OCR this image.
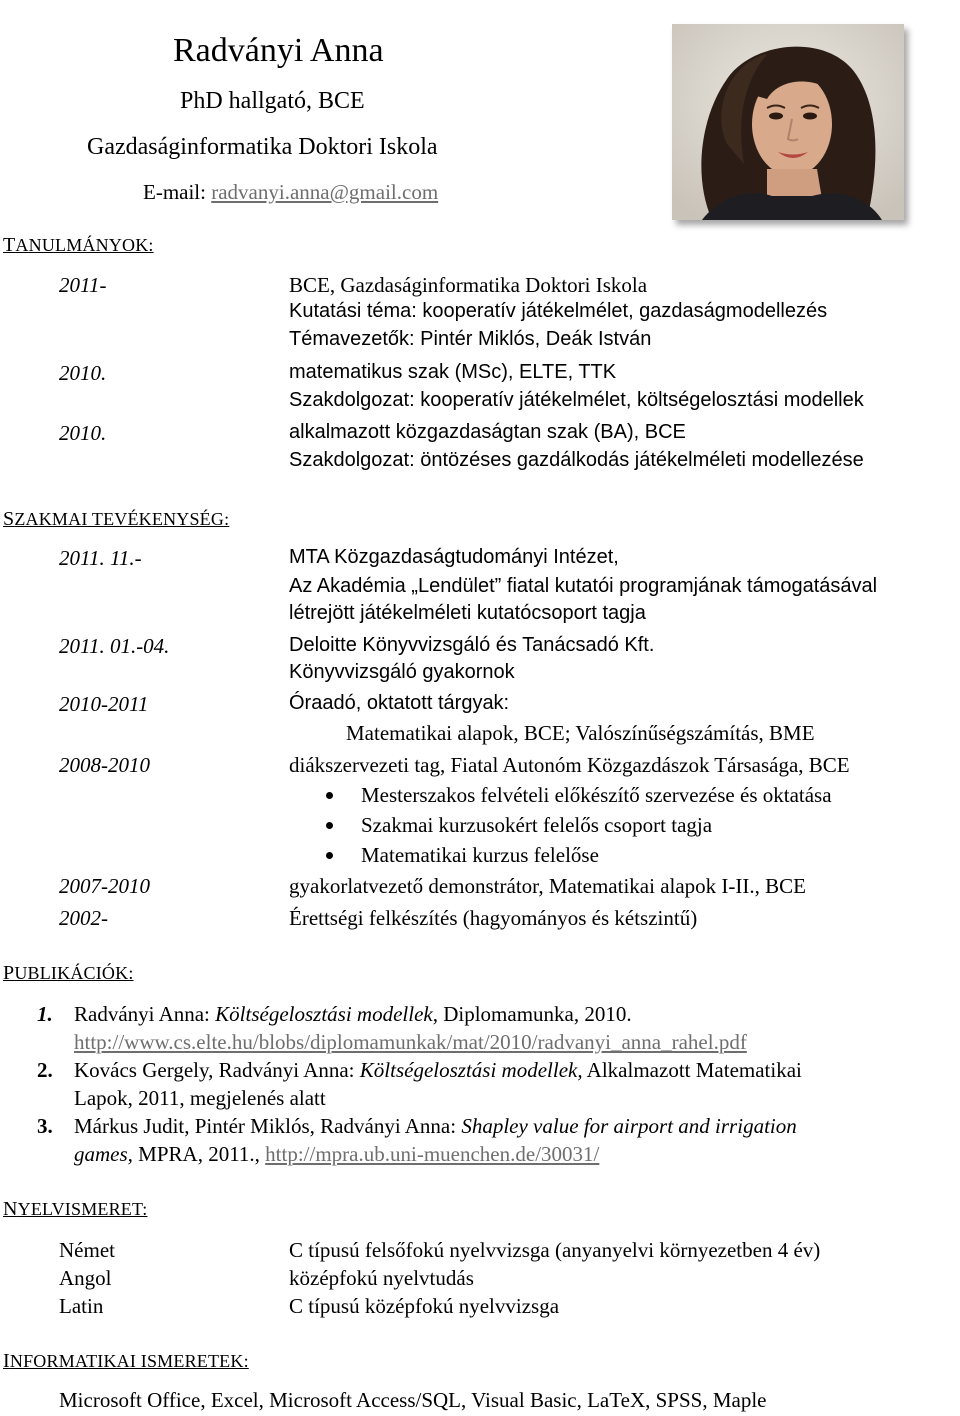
Radványi Anna
PhD hallgató, BCE
Gazdaságinformatika Doktori Iskola
E-mail: radvanyi.anna@gmail.com
TANULMÁNYOK:
2011-	BCE, Gazdaságinformatika Doktori Iskola
Kutatási téma: kooperatív játékelmélet, gazdaságmodellezés
Témavezetők: Pintér Miklós, Deák István
2010.	matematikus szak (MSc), ELTE, TTK
Szakdolgozat: kooperatív játékelmélet, költségelosztási modellek
2010.	alkalmazott közgazdaságtan szak (BA), BCE
Szakdolgozat: öntözéses gazdálkodás játékelméleti modellezése
SZAKMAI TEVÉKENYSÉG:
2011. 11.-	MTA Közgazdaságtudományi Intézet,
Az Akadémia „Lendület” fiatal kutatói programjának támogatásával
létrejött játékelméleti kutatócsoport tagja
2011. 01.-04.	Deloitte Könyvvizsgáló és Tanácsadó Kft.
Könyvvizsgáló gyakornok
2010-2011	Óraadó, oktatott tárgyak:
Matematikai alapok, BCE; Valószínűségszámítás, BME
2008-2010	diákszervezeti tag, Fiatal Autonóm Közgazdászok Társasága, BCE
Mesterszakos felvételi előkészítő szervezése és oktatása
Szakmai kurzusokért felelős csoport tagja
Matematikai kurzus felelőse
2007-2010	gyakorlatvezető demonstrátor, Matematikai alapok I-II., BCE
2002-	Érettségi felkészítés (hagyományos és kétszintű)
PUBLIKÁCIÓK:
1. Radványi Anna: Költségelosztási modellek, Diplomamunka, 2010.
http://www.cs.elte.hu/blobs/diplomamunkak/mat/2010/radvanyi_anna_rahel.pdf
2. Kovács Gergely, Radványi Anna: Költségelosztási modellek, Alkalmazott Matematikai
Lapok, 2011, megjelenés alatt
3. Márkus Judit, Pintér Miklós, Radványi Anna: Shapley value for airport and irrigation
games, MPRA, 2011., http://mpra.ub.uni-muenchen.de/30031/
NYELVISMERET:
Német	C típusú felsőfokú nyelvvizsga (anyanyelvi környezetben 4 év)
Angol	középfokú nyelvtudás
Latin	C típusú középfokú nyelvvizsga
INFORMATIKAI ISMERETEK:
Microsoft Office, Excel, Microsoft Access/SQL, Visual Basic, LaTeX, SPSS, Maple
